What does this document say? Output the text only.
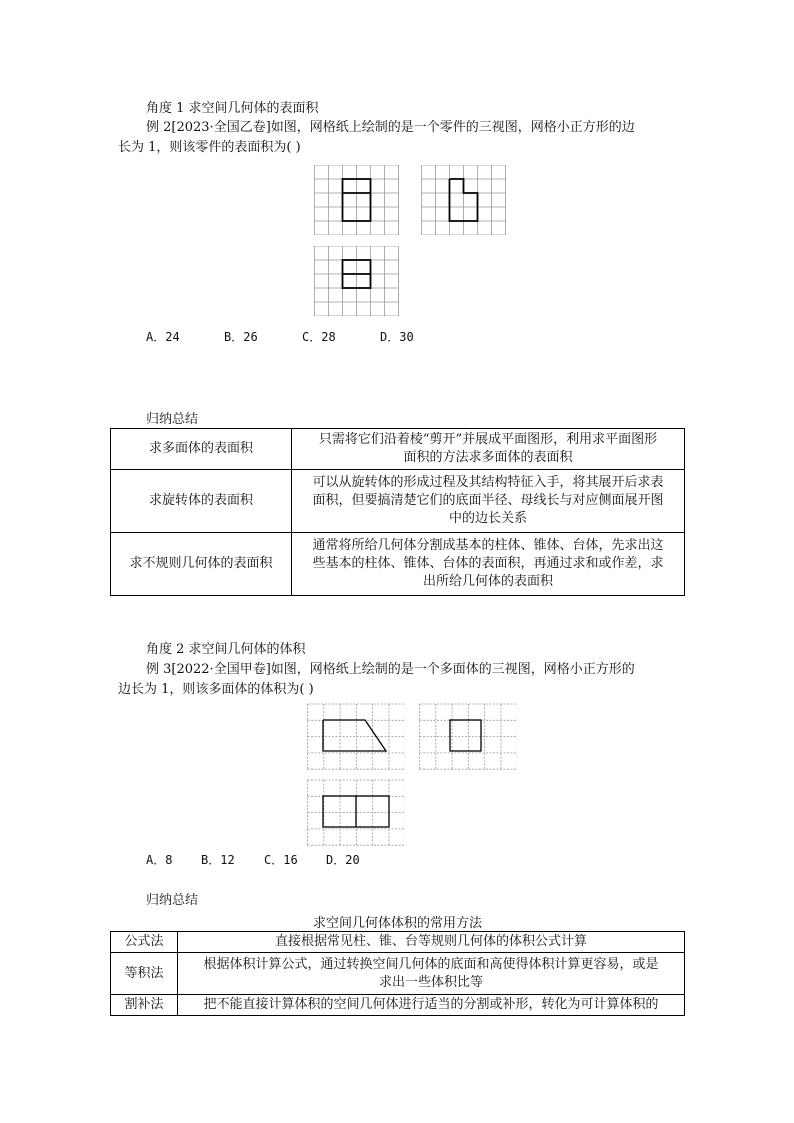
角度 1 求空间几何体的表面积
例 2[2023·全国乙卷]如图，网格纸上绘制的是一个零件的三视图，网格小正方形的边
长为 1，则该零件的表面积为( )
A．24	B．26	C．28	D．30
归纳总结
求多面体的表面积	只需将它们沿着棱“剪开”并展成平面图形，利用求平面图形
面积的方法求多面体的表面积

求旋转体的表面积	可以从旋转体的形成过程及其结构特征入手，将其展开后求表
面积，但要搞清楚它们的底面半径、母线长与对应侧面展开图
中的边长关系

求不规则几何体的表面积	通常将所给几何体分割成基本的柱体、锥体、台体，先求出这
些基本的柱体、锥体、台体的表面积，再通过求和或作差，求
出所给几何体的表面积
角度 2 求空间几何体的体积
例 3[2022·全国甲卷]如图，网格纸上绘制的是一个多面体的三视图，网格小正方形的
边长为 1，则该多面体的体积为( )
A．8 B．12 C．16 D．20
归纳总结
求空间几何体体积的常用方法
公式法	直接根据常见柱、锥、台等规则几何体的体积公式计算

等积法	根据体积计算公式，通过转换空间几何体的底面和高使得体积计算更容易，或是
求出一些体积比等

割补法	把不能直接计算体积的空间几何体进行适当的分割或补形，转化为可计算体积的
